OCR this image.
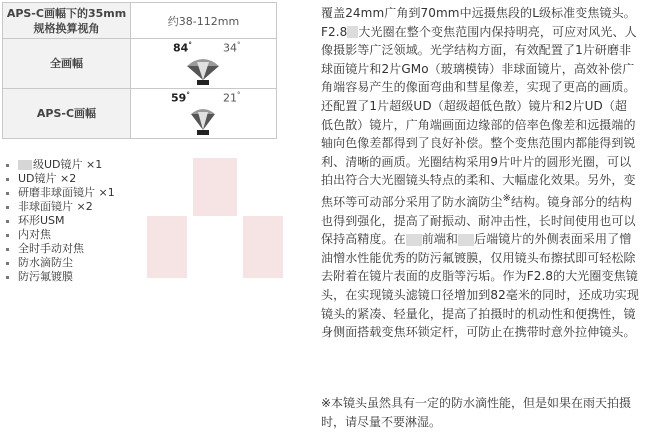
APS-C画幅下的35mm
规格换算视角	约38-112mm
全画幅	84° 34°

APS-C画幅	59° 21°
级UD镜片 ×1
UD镜片 ×2
研磨非球面镜片 ×1
非球面镜片 ×2
环形USM
内对焦
全时手动对焦
防水滴防尘
防污氟镀膜

覆盖24mm广角到70mm中远摄焦段的L级标准变焦镜头。F2.8 大光圈在整个变焦范围内保持明亮，可应对风光、人像摄影等广泛领域。光学结构方面，有效配置了1片研磨非球面镜片和2片GMo（玻璃模铸）非球面镜片，高效补偿广角端容易产生的像面弯曲和彗星像差，实现了更高的画质。还配置了1片超级UD（超级超低色散）镜片和2片UD（超低色散）镜片，广角端画面边缘部的倍率色像差和远摄端的轴向色像差都得到了良好补偿。整个变焦范围内都能得到锐利、清晰的画质。光圈结构采用9片叶片的圆形光圈，可以拍出符合大光圈镜头特点的柔和、大幅虚化效果。另外，变焦环等可动部分采用了防水滴防尘※结构。镜身部分的结构也得到强化，提高了耐振动、耐冲击性，长时间使用也可以保持高精度。在 前端和 后端镜片的外侧表面采用了憎油憎水性能优秀的防污氟镀膜，仅用镜头布擦拭即可轻松除去附着在镜片表面的皮脂等污垢。作为F2.8的大光圈变焦镜头，在实现镜头滤镜口径增加到82毫米的同时，还成功实现镜头的紧凑、轻量化，提高了拍摄时的机动性和便携性，镜身侧面搭载变焦环锁定杆，可防止在携带时意外拉伸镜头。

※本镜头虽然具有一定的防水滴性能，但是如果在雨天拍摄时，请尽量不要淋湿。
